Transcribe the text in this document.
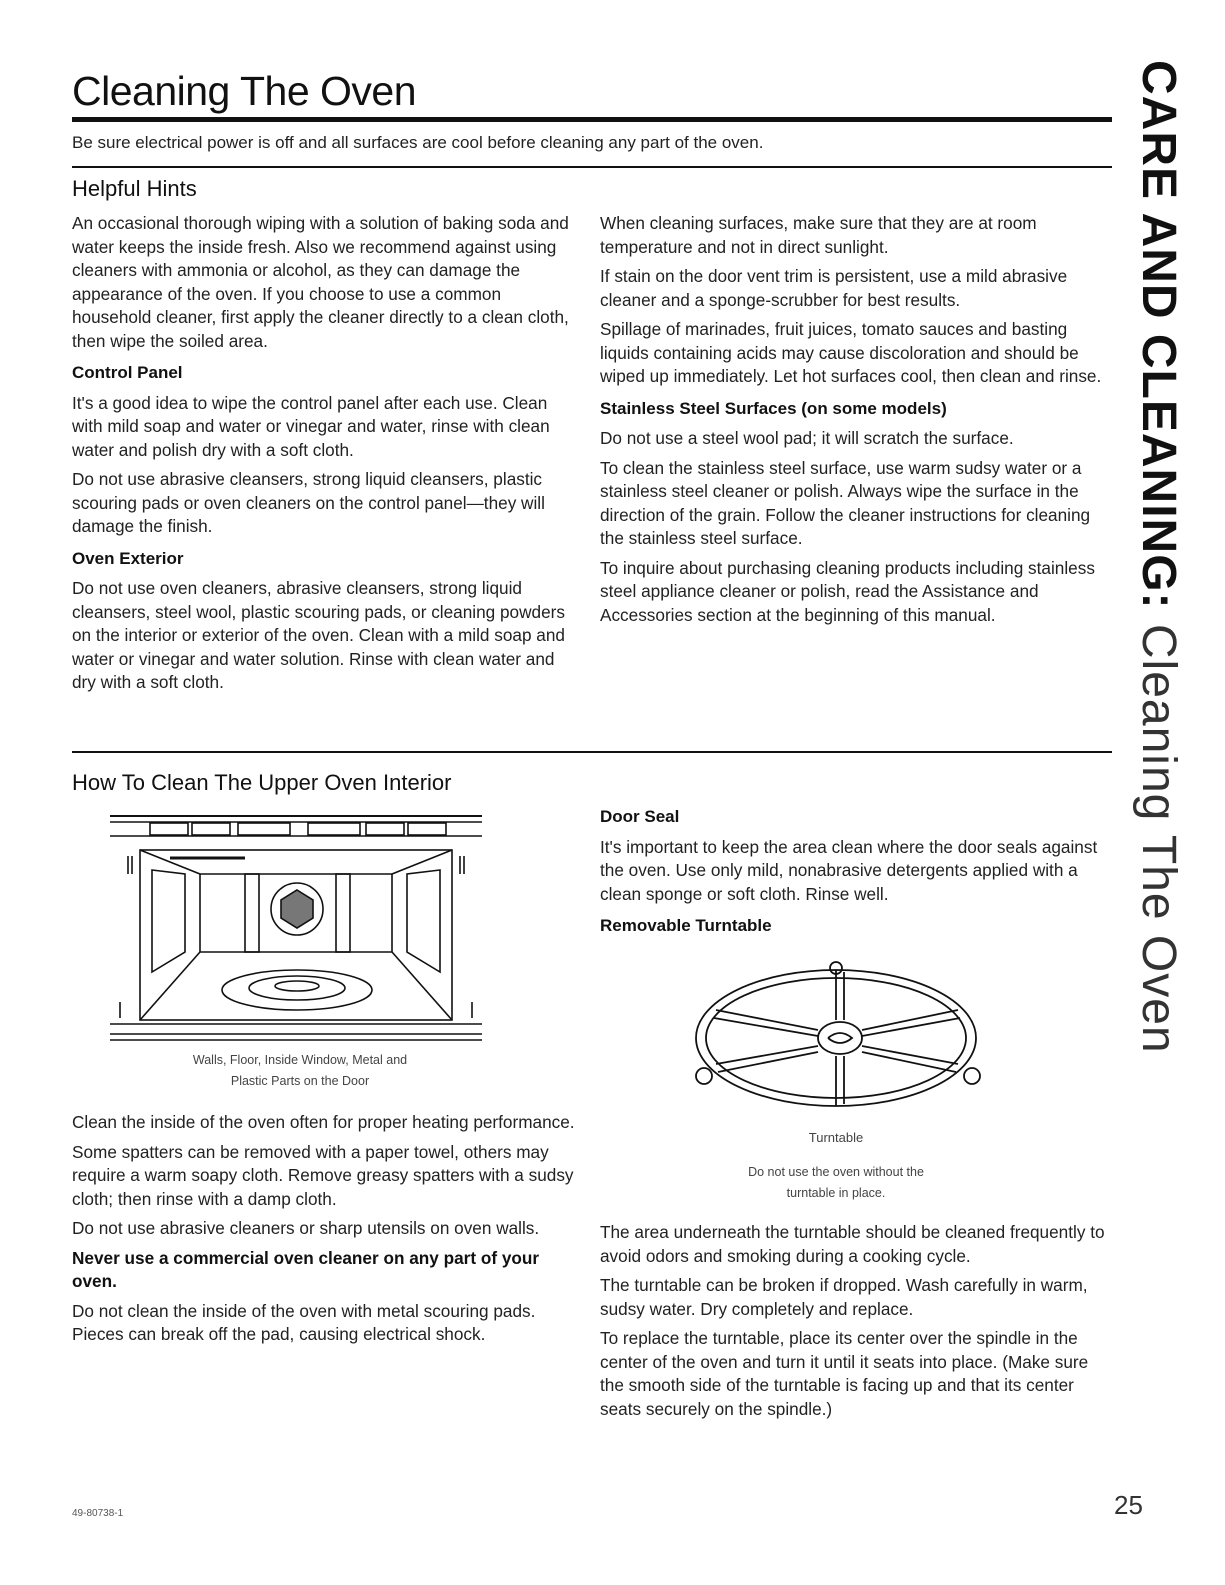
Cleaning The Oven
Be sure electrical power is off and all surfaces are cool before cleaning any part of the oven.
Helpful Hints

An occasional thorough wiping with a solution of baking soda and water keeps the inside fresh. Also we recommend against using cleaners with ammonia or alcohol, as they can damage the appearance of the oven. If you choose to use a common household cleaner, first apply the cleaner directly to a clean cloth, then wipe the soiled area.

Control Panel

It's a good idea to wipe the control panel after each use. Clean with mild soap and water or vinegar and water, rinse with clean water and polish dry with a soft cloth.

Do not use abrasive cleansers, strong liquid cleansers, plastic scouring pads or oven cleaners on the control panel—they will damage the finish.

Oven Exterior

Do not use oven cleaners, abrasive cleansers, strong liquid cleansers, steel wool, plastic scouring pads, or cleaning powders on the interior or exterior of the oven. Clean with a mild soap and water or vinegar and water solution. Rinse with clean water and dry with a soft cloth.

When cleaning surfaces, make sure that they are at room temperature and not in direct sunlight.

If stain on the door vent trim is persistent, use a mild abrasive cleaner and a sponge-scrubber for best results.

Spillage of marinades, fruit juices, tomato sauces and basting liquids containing acids may cause discoloration and should be wiped up immediately. Let hot surfaces cool, then clean and rinse.

Stainless Steel Surfaces (on some models)

Do not use a steel wool pad; it will scratch the surface.

To clean the stainless steel surface, use warm sudsy water or a stainless steel cleaner or polish. Always wipe the surface in the direction of the grain. Follow the cleaner instructions for cleaning the stainless steel surface.

To inquire about purchasing cleaning products including stainless steel appliance cleaner or polish, read the Assistance and Accessories section at the beginning of this manual.

How To Clean The Upper Oven Interior
Walls, Floor, Inside Window, Metal and
Plastic Parts on the Door

Clean the inside of the oven often for proper heating performance.

Some spatters can be removed with a paper towel, others may require a warm soapy cloth. Remove greasy spatters with a sudsy cloth; then rinse with a damp cloth.

Do not use abrasive cleaners or sharp utensils on oven walls.

Never use a commercial oven cleaner on any part of your oven.

Do not clean the inside of the oven with metal scouring pads. Pieces can break off the pad, causing electrical shock.

Door Seal

It's important to keep the area clean where the door seals against the oven. Use only mild, nonabrasive detergents applied with a clean sponge or soft cloth. Rinse well.

Removable Turntable
Turntable
Do not use the oven without the
turntable in place.

The area underneath the turntable should be cleaned frequently to avoid odors and smoking during a cooking cycle.

The turntable can be broken if dropped. Wash carefully in warm, sudsy water. Dry completely and replace.

To replace the turntable, place its center over the spindle in the center of the oven and turn it until it seats into place. (Make sure the smooth side of the turntable is facing up and that its center seats securely on the spindle.)

CARE AND CLEANING: Cleaning The Oven
49-80738-1	25
